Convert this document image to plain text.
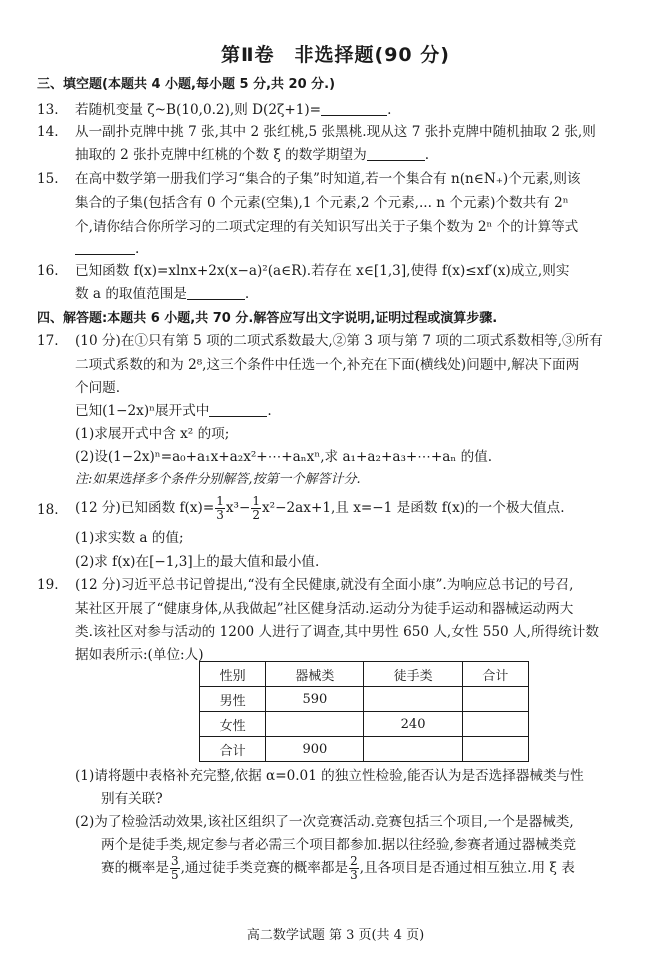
第Ⅱ卷　非选择题(90 分)
三、填空题(本题共 4 小题,每小题 5 分,共 20 分.)
13. 若随机变量 ζ~B(10,0.2),则 D(2ζ+1)=	.
14. 从一副扑克牌中挑 7 张,其中 2 张红桃,5 张黑桃.现从这 7 张扑克牌中随机抽取 2 张,则
抽取的 2 张扑克牌中红桃的个数 ξ 的数学期望为	.
15. 在高中数学第一册我们学习“集合的子集”时知道,若一个集合有 n(n∈N₊)个元素,则该
集合的子集(包括含有 0 个元素(空集),1 个元素,2 个元素,... n 个元素)个数共有 2ⁿ
个,请你结合你所学习的二项式定理的有关知识写出关于子集个数为 2ⁿ 个的计算等式
.
16. 已知函数 f(x)=xlnx+2x(x−a)²(a∈R).若存在 x∈[1,3],使得 f(x)≤xf′(x)成立,则实
数 a 的取值范围是	.
四、解答题:本题共 6 小题,共 70 分.解答应写出文字说明,证明过程或演算步骤.
17. (10 分)在①只有第 5 项的二项式系数最大,②第 3 项与第 7 项的二项式系数相等,③所有
二项式系数的和为 2⁸,这三个条件中任选一个,补充在下面(横线处)问题中,解决下面两
个问题.
已知(1−2x)ⁿ展开式中	.
(1)求展开式中含 x² 的项;
(2)设(1−2x)ⁿ=a₀+a₁x+a₂x²+⋯+aₙxⁿ,求 a₁+a₂+a₃+⋯+aₙ 的值.
注:如果选择多个条件分别解答,按第一个解答计分.
18. (12 分)已知函数 $f(x)= \frac{1}{3} x^3- \frac{1}{2} x^2-2ax+1$,且 x=−1 是函数 f(x)的一个极大值点.
(1)求实数 a 的值;
(2)求 f(x)在[−1,3]上的最大值和最小值.
19. (12 分)习近平总书记曾提出,“没有全民健康,就没有全面小康”.为响应总书记的号召,
某社区开展了“健康身体,从我做起”社区健身活动.运动分为徒手运动和器械运动两大
类.该社区对参与活动的 1200 人进行了调查,其中男性 650 人,女性 550 人,所得统计数
据如表所示:(单位:人)
性别	器械类	徒手类	合计
男性	590		
女性		240	
合计	900		
(1)请将题中表格补充完整,依据 α=0.01 的独立性检验,能否认为是否选择器械类与性
别有关联?
(2)为了检验活动效果,该社区组织了一次竞赛活动.竞赛包括三个项目,一个是器械类,
两个是徒手类,规定参与者必需三个项目都参加.据以往经验,参赛者通过器械类竞
赛的概率是 $\frac{3}{5}$ ,通过徒手类竞赛的概率都是 $\frac{2}{3}$ ,且各项目是否通过相互独立.用 ξ 表
高二数学试题 第 3 页(共 4 页)
